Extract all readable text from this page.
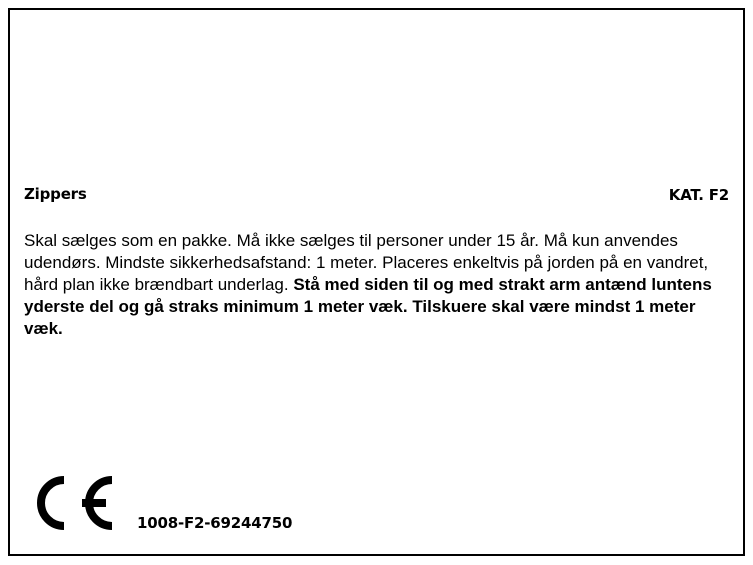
Zippers	KAT. F2

Skal sælges som en pakke. Må ikke sælges til personer under 15 år. Må kun anvendes udendørs. Mindste sikkerhedsafstand: 1 meter. Placeres enkeltvis på jorden på en vandret, hård plan ikke brændbart underlag. Stå med siden til og med strakt arm antænd luntens yderste del og gå straks minimum 1 meter væk. Tilskuere skal være mindst 1 meter væk.

1008-F2-69244750
